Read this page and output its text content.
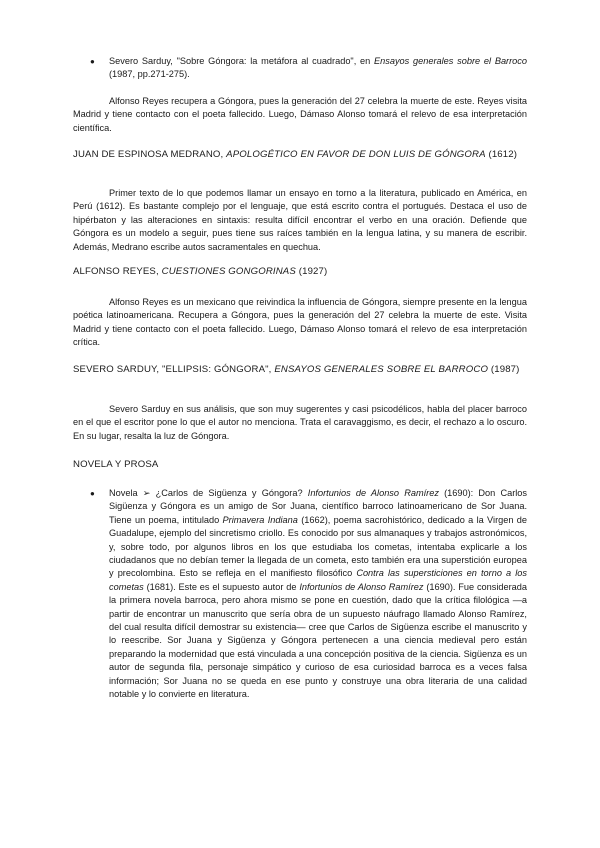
● Severo Sarduy, "Sobre Góngora: la metáfora al cuadrado", en Ensayos generales sobre el Barroco (1987, pp.271-275).
Alfonso Reyes recupera a Góngora, pues la generación del 27 celebra la muerte de este. Reyes visita Madrid y tiene contacto con el poeta fallecido. Luego, Dámaso Alonso tomará el relevo de esa interpretación científica.
JUAN DE ESPINOSA MEDRANO, APOLOGÉTICO EN FAVOR DE DON LUIS DE GÓNGORA (1612)
Primer texto de lo que podemos llamar un ensayo en torno a la literatura, publicado en América, en Perú (1612). Es bastante complejo por el lenguaje, que está escrito contra el portugués. Destaca el uso de hipérbaton y las alteraciones en sintaxis: resulta difícil encontrar el verbo en una oración. Defiende que Góngora es un modelo a seguir, pues tiene sus raíces también en la lengua latina, y su manera de escribir. Además, Medrano escribe autos sacramentales en quechua.
ALFONSO REYES, CUESTIONES GONGORINAS (1927)
Alfonso Reyes es un mexicano que reivindica la influencia de Góngora, siempre presente en la lengua poética latinoamericana. Recupera a Góngora, pues la generación del 27 celebra la muerte de este. Visita Madrid y tiene contacto con el poeta fallecido. Luego, Dámaso Alonso tomará el relevo de esa interpretación crítica.
SEVERO SARDUY, "ELLIPSIS: GÓNGORA", ENSAYOS GENERALES SOBRE EL BARROCO (1987)
Severo Sarduy en sus análisis, que son muy sugerentes y casi psicodélicos, habla del placer barroco en el que el escritor pone lo que el autor no menciona. Trata el caravaggismo, es decir, el rechazo a lo oscuro. En su lugar, resalta la luz de Góngora.
NOVELA Y PROSA
● Novela ➢ ¿Carlos de Sigüenza y Góngora? Infortunios de Alonso Ramírez (1690): Don Carlos Sigüenza y Góngora es un amigo de Sor Juana, científico barroco latinoamericano de Sor Juana. Tiene un poema, intitulado Primavera Indiana (1662), poema sacrohistórico, dedicado a la Virgen de Guadalupe, ejemplo del sincretismo criollo. Es conocido por sus almanaques y trabajos astronómicos, y, sobre todo, por algunos libros en los que estudiaba los cometas, intentaba explicarle a los ciudadanos que no debían temer la llegada de un cometa, esto también era una superstición europea y precolombina. Esto se refleja en el manifiesto filosófico Contra las supersticiones en torno a los cometas (1681). Este es el supuesto autor de Infortunios de Alonso Ramírez (1690). Fue considerada la primera novela barroca, pero ahora mismo se pone en cuestión, dado que la crítica filológica —a partir de encontrar un manuscrito que sería obra de un supuesto náufrago llamado Alonso Ramírez, del cual resulta difícil demostrar su existencia— cree que Carlos de Sigüenza escribe el manuscrito y lo reescribe. Sor Juana y Sigüenza y Góngora pertenecen a una ciencia medieval pero están preparando la modernidad que está vinculada a una concepción positiva de la ciencia. Sigüenza es un autor de segunda fila, personaje simpático y curioso de esa curiosidad barroca es a veces falsa información; Sor Juana no se queda en ese punto y construye una obra literaria de una calidad notable y lo convierte en literatura.
